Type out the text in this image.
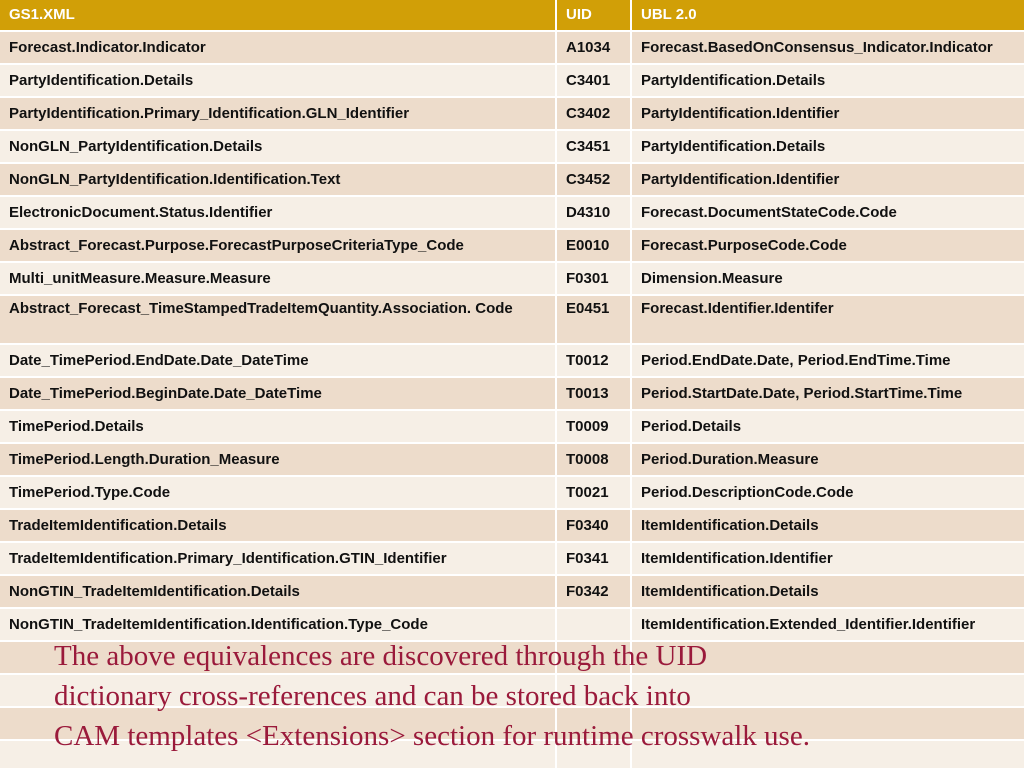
GS1.XML	UID	UBL 2.0
Forecast.Indicator.Indicator	A1034	Forecast.BasedOnConsensus_Indicator.Indicator
PartyIdentification.Details	C3401	PartyIdentification.Details
PartyIdentification.Primary_Identification.GLN_Identifier	C3402	PartyIdentification.Identifier
NonGLN_PartyIdentification.Details	C3451	PartyIdentification.Details
NonGLN_PartyIdentification.Identification.Text	C3452	PartyIdentification.Identifier
ElectronicDocument.Status.Identifier	D4310	Forecast.DocumentStateCode.Code
Abstract_Forecast.Purpose.ForecastPurposeCriteriaType_Code	E0010	Forecast.PurposeCode.Code
Multi_unitMeasure.Measure.Measure	F0301	Dimension.Measure
Abstract_Forecast_TimeStampedTradeItemQuantity.Association. Code	E0451	Forecast.Identifier.Identifer
Date_TimePeriod.EndDate.Date_DateTime	T0012	Period.EndDate.Date, Period.EndTime.Time
Date_TimePeriod.BeginDate.Date_DateTime	T0013	Period.StartDate.Date, Period.StartTime.Time
TimePeriod.Details	T0009	Period.Details
TimePeriod.Length.Duration_Measure	T0008	Period.Duration.Measure
TimePeriod.Type.Code	T0021	Period.DescriptionCode.Code
TradeItemIdentification.Details	F0340	ItemIdentification.Details
TradeItemIdentification.Primary_Identification.GTIN_Identifier	F0341	ItemIdentification.Identifier
NonGTIN_TradeItemIdentification.Details	F0342	ItemIdentification.Details
NonGTIN_TradeItemIdentification.Identification.Type_Code		ItemIdentification.Extended_Identifier.Identifier

The above equivalences are discovered through the UID
dictionary cross-references and can be stored back into
CAM templates <Extensions> section for runtime crosswalk use.
